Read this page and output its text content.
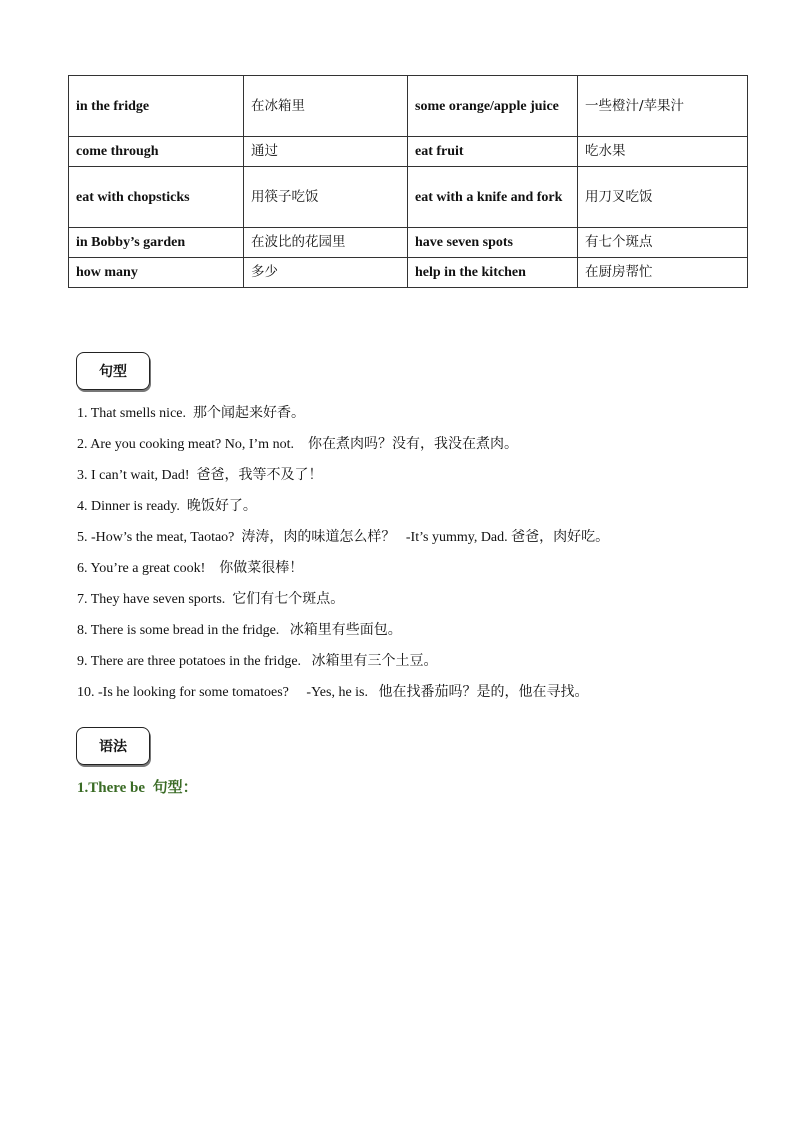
in the fridge	在冰箱里	some orange/apple juice	一些橙汁/苹果汁
come through	通过	eat fruit	吃水果
eat with chopsticks	用筷子吃饭	eat with a knife and fork	用刀叉吃饭
in Bobby’s garden	在波比的花园里	have seven spots	有七个斑点
how many	多少	help in the kitchen	在厨房帮忙
句型
1. That smells nice. 那个闻起来好香。
2. Are you cooking meat? No, I’m not. 你在煮肉吗？没有，我没在煮肉。
3. I can’t wait, Dad! 爸爸，我等不及了！
4. Dinner is ready. 晚饭好了。
5. -How’s the meat, Taotao? 涛涛，肉的味道怎么样？ -It’s yummy, Dad. 爸爸，肉好吃。
6. You’re a great cook! 你做菜很棒！
7. They have seven sports. 它们有七个斑点。
8. There is some bread in the fridge. 冰箱里有些面包。
9. There are three potatoes in the fridge. 冰箱里有三个土豆。
10. -Is he looking for some tomatoes? -Yes, he is. 他在找番茄吗？是的，他在寻找。
语法
1.There be 句型：
